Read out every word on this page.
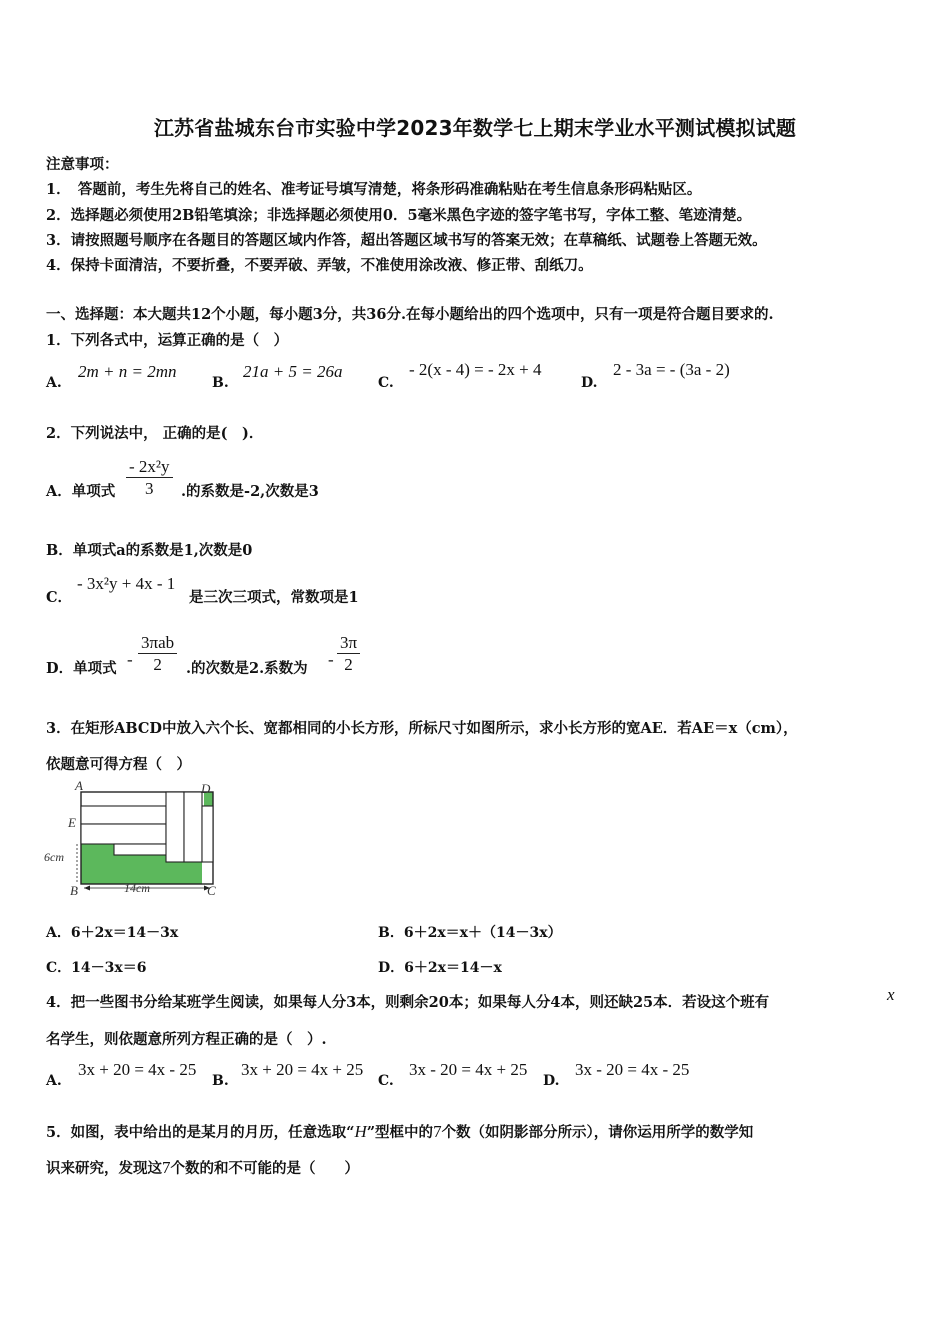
江苏省盐城东台市实验中学2023年数学七上期末学业水平测试模拟试题
注意事项：
1．　答题前，考生先将自己的姓名、准考证号填写清楚，将条形码准确粘贴在考生信息条形码粘贴区。
2．选择题必须使用2B铅笔填涂；非选择题必须使用0．5毫米黑色字迹的签字笔书写，字体工整、笔迹清楚。
3．请按照题号顺序在各题目的答题区域内作答，超出答题区域书写的答案无效；在草稿纸、试题卷上答题无效。
4．保持卡面清洁，不要折叠，不要弄破、弄皱，不准使用涂改液、修正带、刮纸刀。
一、选择题：本大题共12个小题，每小题3分，共36分.在每小题给出的四个选项中，只有一项是符合题目要求的.
1．下列各式中，运算正确的是（　）
A.
2m + n = 2mn
B.
21a + 5 = 26a
C.
- 2(x - 4) = - 2x + 4
D.
2 - 3a = - (3a - 2)
2．下列说法中， 正确的是(　)．
A．单项式 $\frac{\text{- 2x²y}}{3}$ .的系数是-2,次数是3
B．单项式a的系数是1,次数是0
C．
- 3x²y + 4x - 1
是三次三项式，常数项是1
D．单项式 - $\frac{\text{3πab}}{2}$ .的次数是2.系数为 - $\frac{3\pi}{2}$
3．在矩形ABCD中放入六个长、宽都相同的小长方形，所标尺寸如图所示，求小长方形的宽AE．若AE＝x（cm），
依题意可得方程（　）
A	D
E
B	C
6cm
14cm
A．6＋2x＝14－3x	B．6＋2x＝x＋（14－3x）
C．14－3x＝6	D．6＋2x＝14－x
4．把一些图书分给某班学生阅读，如果每人分3本，则剩余20本；如果每人分4本，则还缺25本．若设这个班有	x
名学生，则依题意所列方程正确的是（　）.
A.
3x + 20 = 4x - 25
B.
3x + 20 = 4x + 25
C.
3x - 20 = 4x + 25
D.
3x - 20 = 4x - 25
5．如图，表中给出的是某月的月历，任意选取“H”型框中的7个数（如阴影部分所示），请你运用所学的数学知
识来研究，发现这7个数的和不可能的是（　　）
